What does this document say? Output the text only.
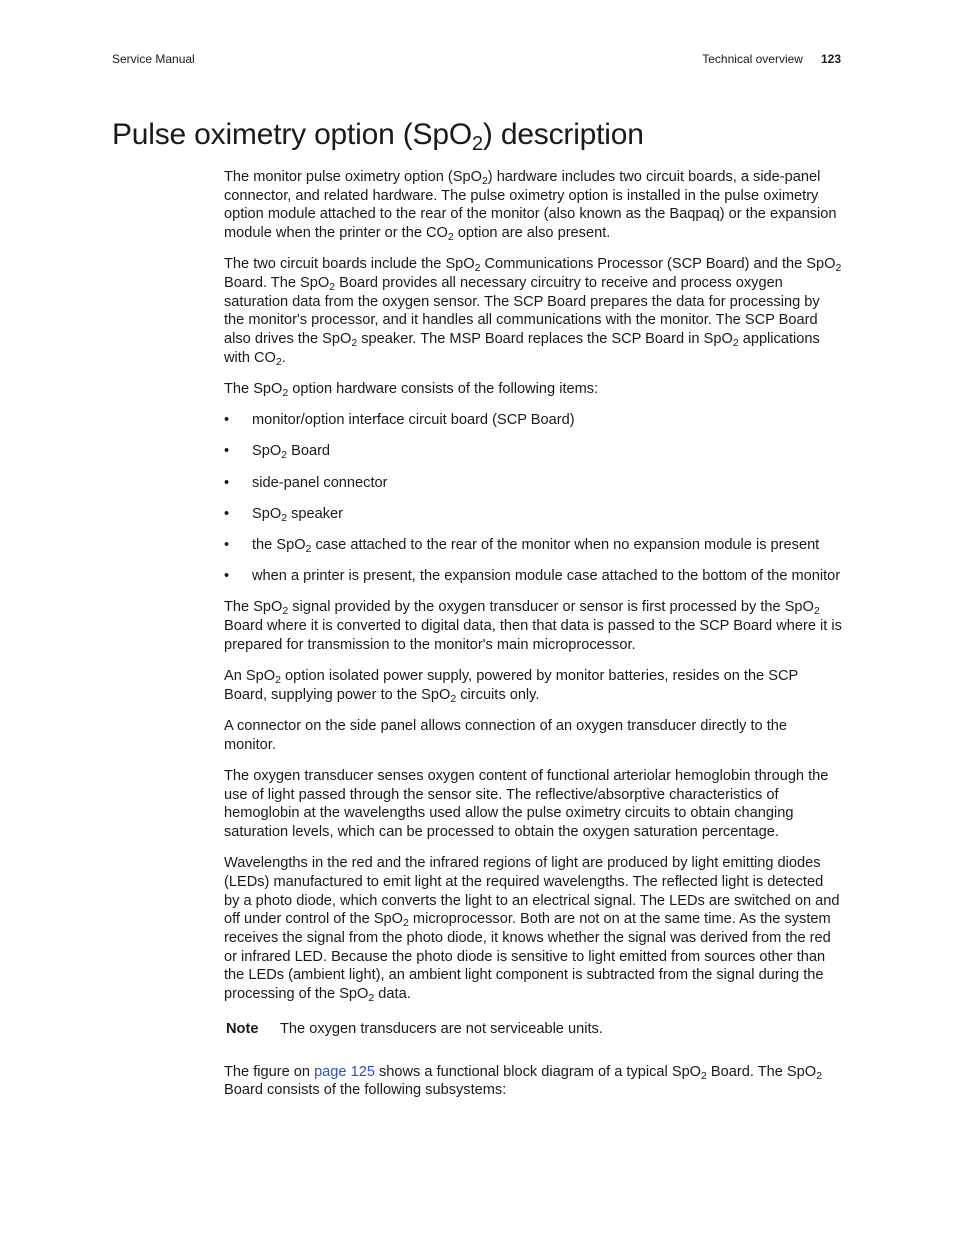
Service Manual	Technical overview 123
Pulse oximetry option (SpO$_2$) description

The monitor pulse oximetry option (SpO$_2$) hardware includes two circuit boards, a side-panel connector, and related hardware. The pulse oximetry option is installed in the pulse oximetry option module attached to the rear of the monitor (also known as the Baqpaq) or the expansion module when the printer or the $CO_2$ option are also present.

The two circuit boards include the SpO$_2$ Communications Processor (SCP Board) and the SpO$_2$ Board. The SpO$_2$ Board provides all necessary circuitry to receive and process oxygen saturation data from the oxygen sensor. The SCP Board prepares the data for processing by the monitor's processor, and it handles all communications with the monitor. The SCP Board also drives the SpO$_2$ speaker. The MSP Board replaces the SCP Board in SpO$_2$ applications with $CO_2$.

The SpO$_2$ option hardware consists of the following items:

• monitor/option interface circuit board (SCP Board)
• SpO$_2$ Board
• side-panel connector
• SpO$_2$ speaker
• the SpO$_2$ case attached to the rear of the monitor when no expansion module is present
• when a printer is present, the expansion module case attached to the bottom of the monitor

The SpO$_2$ signal provided by the oxygen transducer or sensor is first processed by the SpO$_2$ Board where it is converted to digital data, then that data is passed to the SCP Board where it is prepared for transmission to the monitor's main microprocessor.

An SpO$_2$ option isolated power supply, powered by monitor batteries, resides on the SCP Board, supplying power to the SpO$_2$ circuits only.

A connector on the side panel allows connection of an oxygen transducer directly to the monitor.

The oxygen transducer senses oxygen content of functional arteriolar hemoglobin through the use of light passed through the sensor site. The reflective/absorptive characteristics of hemoglobin at the wavelengths used allow the pulse oximetry circuits to obtain changing saturation levels, which can be processed to obtain the oxygen saturation percentage.

Wavelengths in the red and the infrared regions of light are produced by light emitting diodes (LEDs) manufactured to emit light at the required wavelengths. The reflected light is detected by a photo diode, which converts the light to an electrical signal. The LEDs are switched on and off under control of the SpO$_2$ microprocessor. Both are not on at the same time. As the system receives the signal from the photo diode, it knows whether the signal was derived from the red or infrared LED. Because the photo diode is sensitive to light emitted from sources other than the LEDs (ambient light), an ambient light component is subtracted from the signal during the processing of the SpO$_2$ data.

Note	The oxygen transducers are not serviceable units.

The figure on page 125 shows a functional block diagram of a typical SpO$_2$ Board. The SpO$_2$ Board consists of the following subsystems:
